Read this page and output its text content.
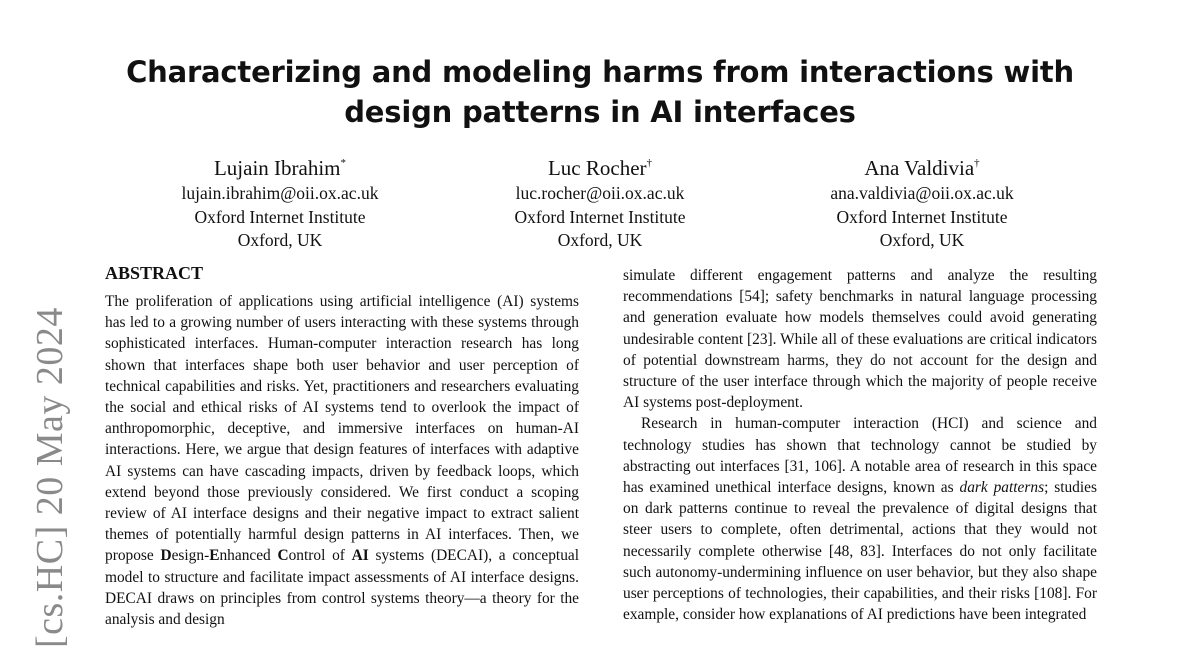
Characterizing and modeling harms from interactions with
design patterns in AI interfaces
Lujain Ibrahim*
lujain.ibrahim@oii.ox.ac.uk
Oxford Internet Institute
Oxford, UK
Luc Rocher†
luc.rocher@oii.ox.ac.uk
Oxford Internet Institute
Oxford, UK
Ana Valdivia†
ana.valdivia@oii.ox.ac.uk
Oxford Internet Institute
Oxford, UK
[cs.HC] 20 May 2024
ABSTRACT

The proliferation of applications using artificial intelligence (AI) systems has led to a growing number of users interacting with these systems through sophisticated interfaces. Human-computer interaction research has long shown that interfaces shape both user behavior and user perception of technical capabilities and risks. Yet, practitioners and researchers evaluating the social and ethical risks of AI systems tend to overlook the impact of anthropomorphic, deceptive, and immersive interfaces on human-AI interactions. Here, we argue that design features of interfaces with adaptive AI systems can have cascading impacts, driven by feedback loops, which extend beyond those previously considered. We first conduct a scoping review of AI interface designs and their negative impact to extract salient themes of potentially harmful design patterns in AI interfaces. Then, we propose Design-Enhanced Control of AI systems (DECAI), a conceptual model to structure and facilitate impact assessments of AI interface designs. DECAI draws on principles from control systems theory—a theory for the analysis and design

simulate different engagement patterns and analyze the resulting recommendations [54]; safety benchmarks in natural language processing and generation evaluate how models themselves could avoid generating undesirable content [23]. While all of these evaluations are critical indicators of potential downstream harms, they do not account for the design and structure of the user interface through which the majority of people receive AI systems post-deployment.

Research in human-computer interaction (HCI) and science and technology studies has shown that technology cannot be studied by abstracting out interfaces [31, 106]. A notable area of research in this space has examined unethical interface designs, known as dark patterns; studies on dark patterns continue to reveal the prevalence of digital designs that steer users to complete, often detrimental, actions that they would not necessarily complete otherwise [48, 83]. Interfaces do not only facilitate such autonomy-undermining influence on user behavior, but they also shape user perceptions of technologies, their capabilities, and their risks [108]. For example, consider how explanations of AI predictions have been integrated
